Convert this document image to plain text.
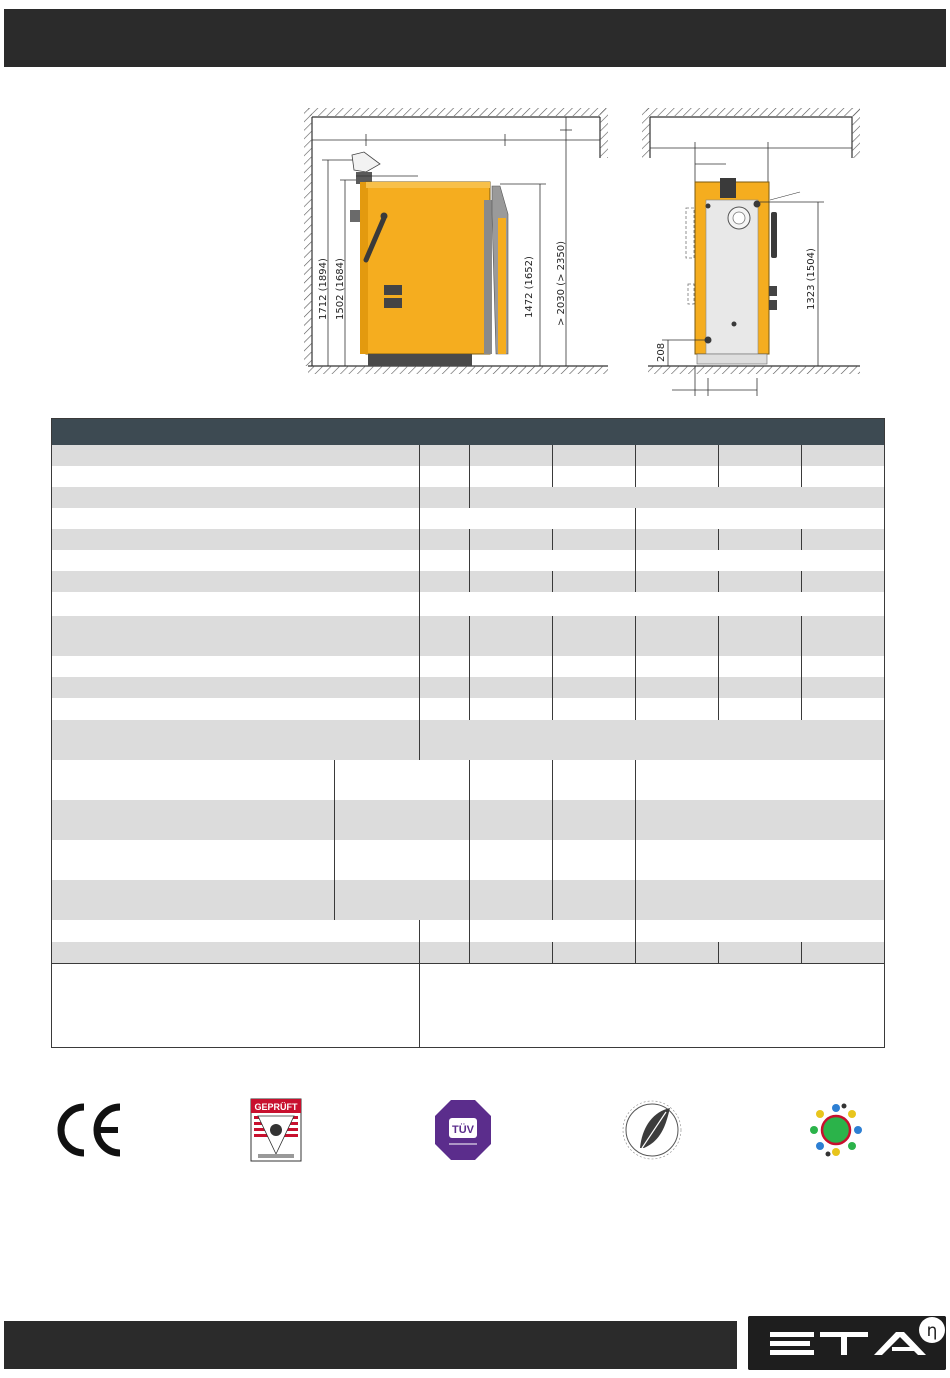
1712 (1894) 1502 (1684)	1472 (1652) > 2030 (> 2350)	1323 (1504)
208
GEPRÜFT
TÜV
η
